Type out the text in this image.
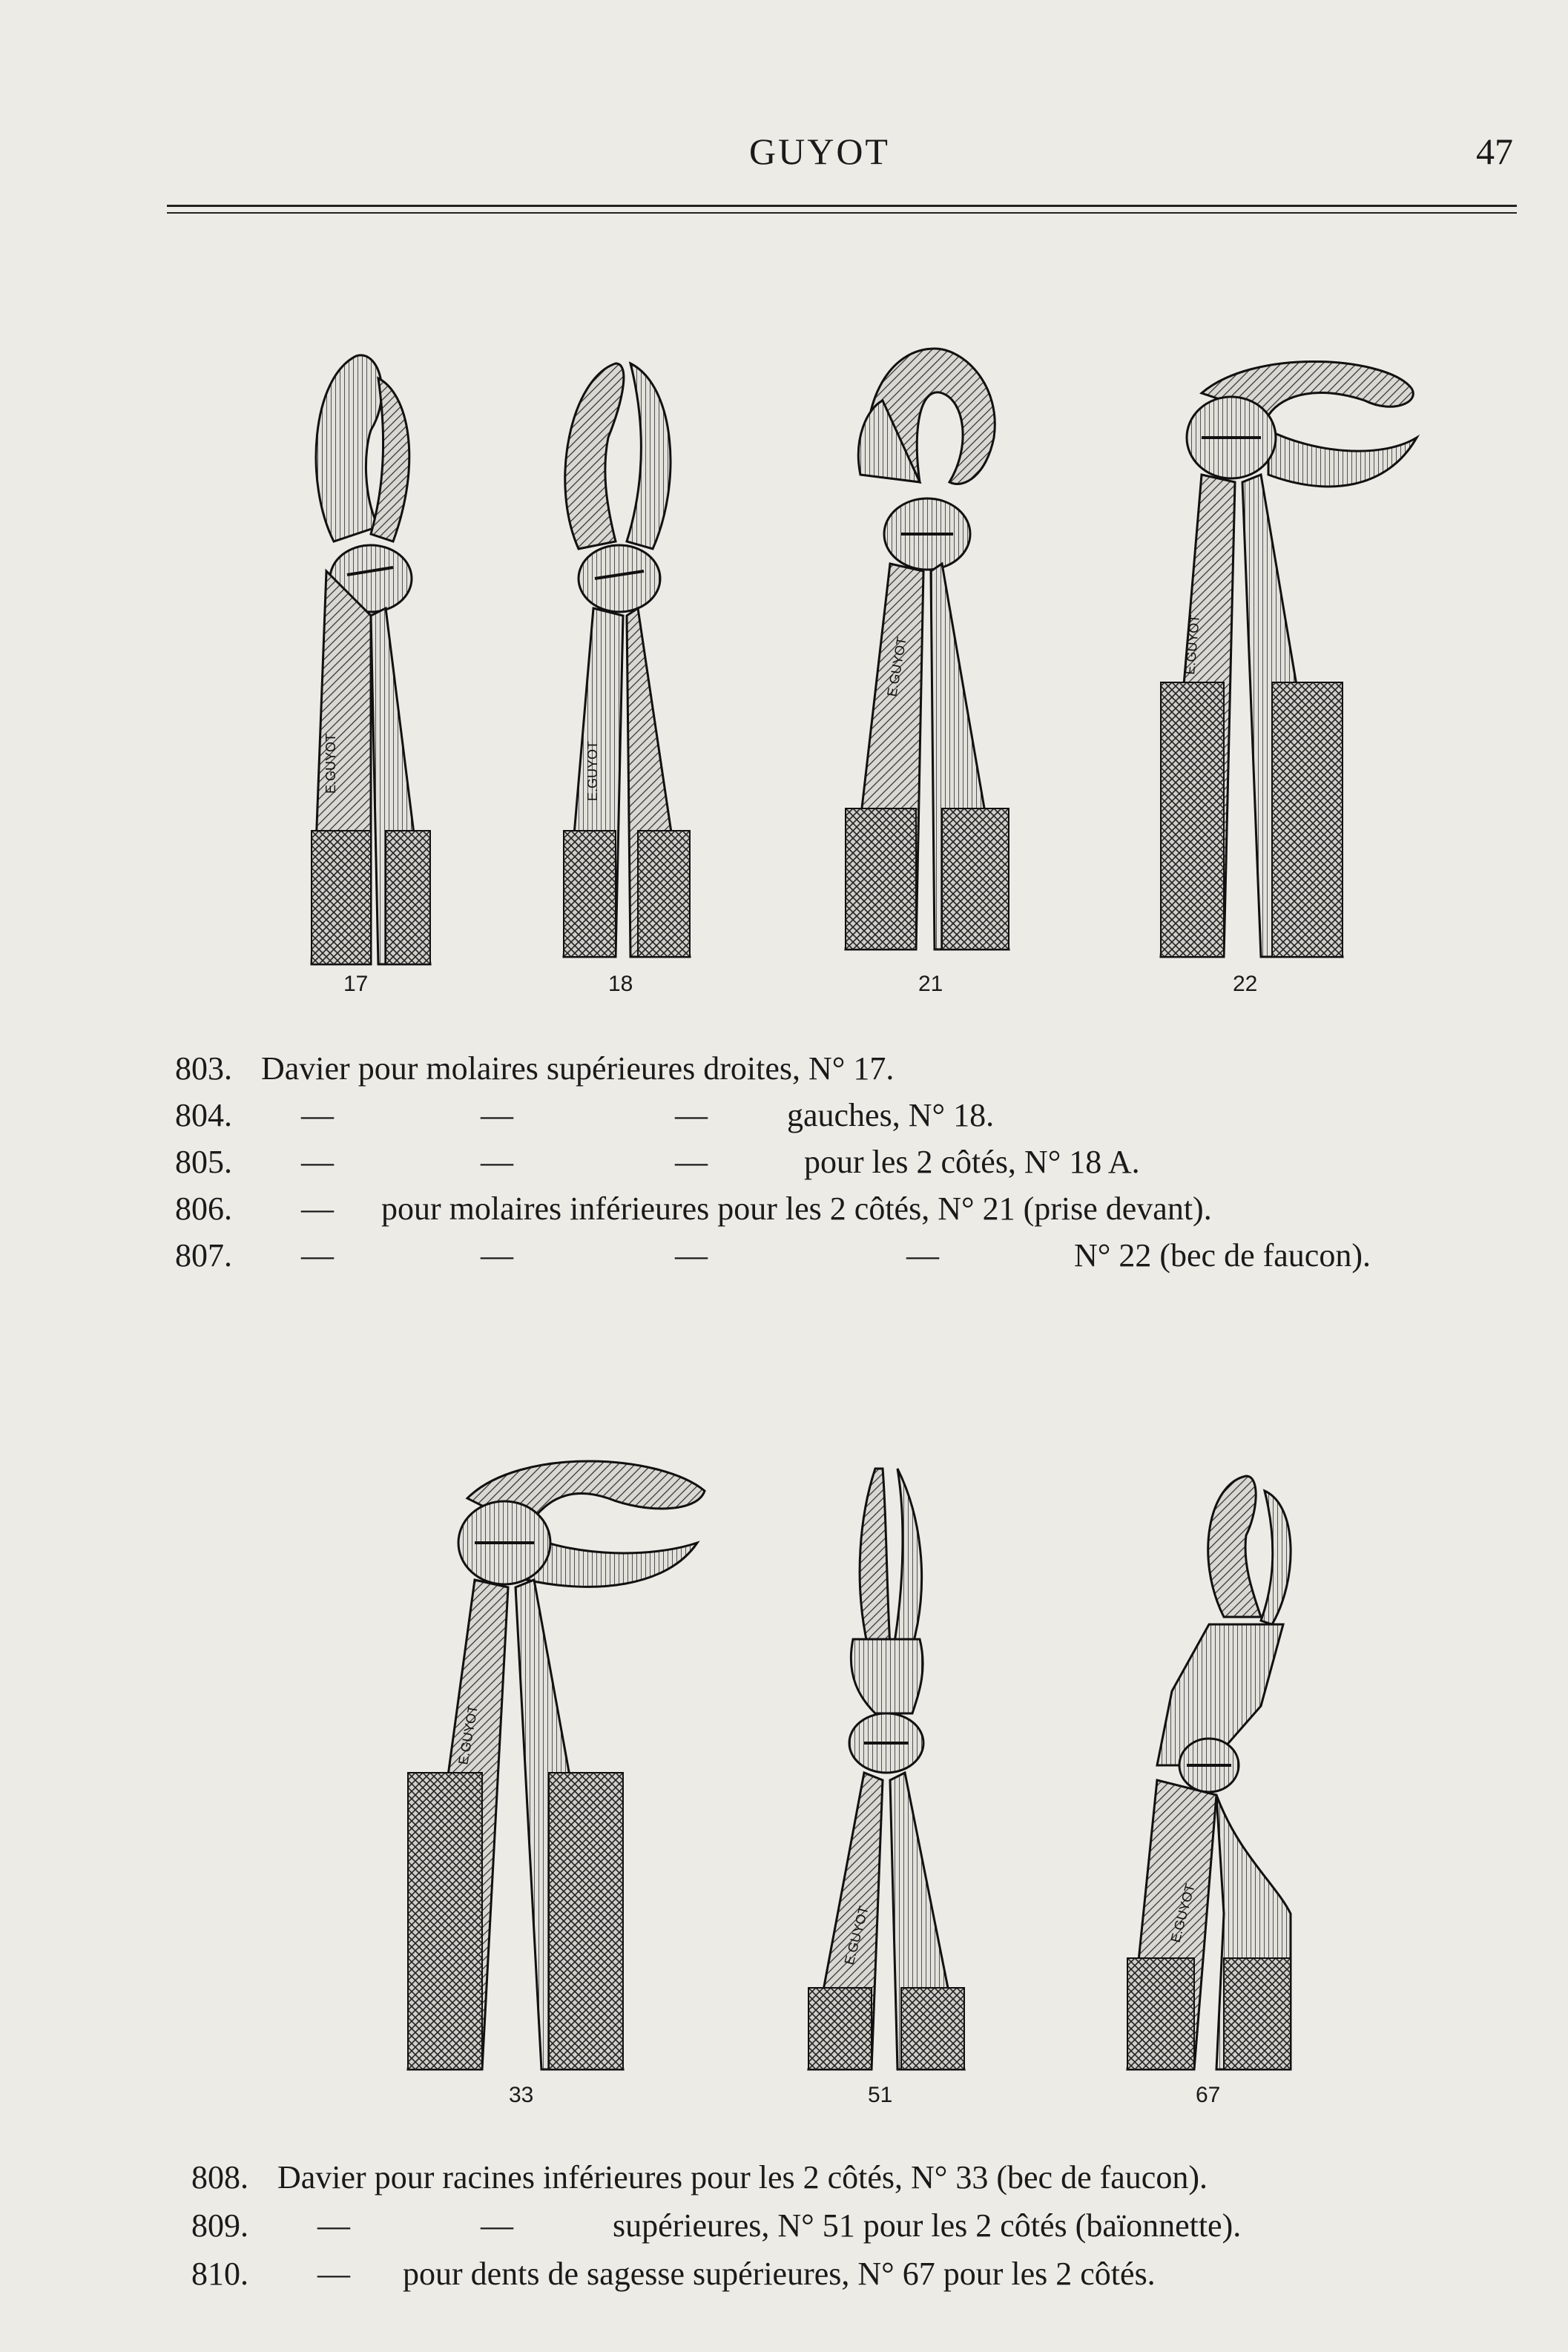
GUYOT	47
E.GUYOT
17
E.GUYOT
18
E.GUYOT
21
E.GUYOT
22
803. Davier pour molaires supérieures droites, N° 17.
804. —	—	— gauches, N° 18.
805. —	—	—	pour les 2 côtés, N° 18 A.
806. — pour molaires inférieures pour les 2 côtés, N° 21 (prise devant).
807. —	—	—	—	N° 22 (bec de faucon).
E.GUYOT
33
E.GUYOT
51
E.GUYOT
67
808. Davier pour racines inférieures pour les 2 côtés, N° 33 (bec de faucon).
809. —	—	supérieures, N° 51 pour les 2 côtés (baïonnette).
810. — pour dents de sagesse supérieures, N° 67 pour les 2 côtés.
